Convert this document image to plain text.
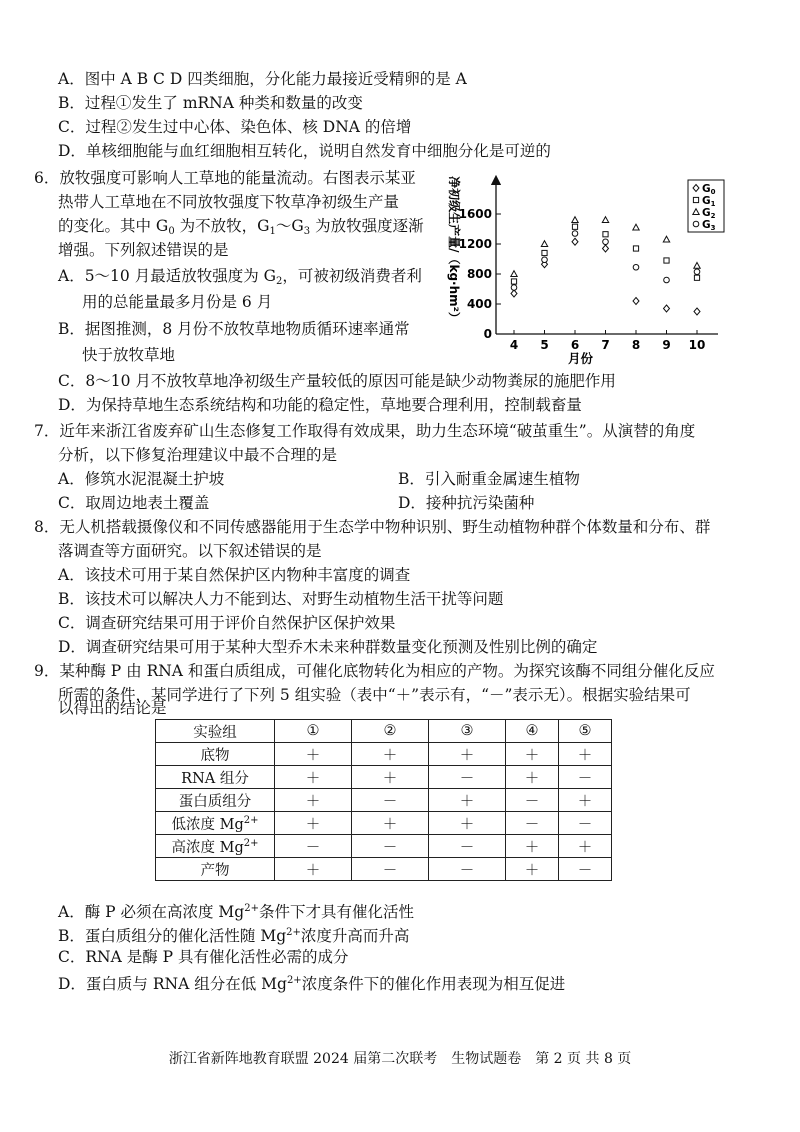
A．图中 A B C D 四类细胞，分化能力最接近受精卵的是 A
B．过程①发生了 mRNA 种类和数量的改变
C．过程②发生过中心体、染色体、核 DNA 的倍增
D．单核细胞能与血红细胞相互转化，说明自然发育中细胞分化是可逆的
6．放牧强度可影响人工草地的能量流动。右图表示某亚
热带人工草地在不同放牧强度下牧草净初级生产量
的变化。其中 $G_0$ 为不放牧，$G_1\sim G_3$ 为放牧强度逐渐
增强。下列叙述错误的是
A．5～10 月最适放牧强度为 $G_2$，可被初级消费者利
用的总能量最多月份是 6 月
B．据图推测，8 月份不放牧草地物质循环速率通常
快于放牧草地
C．8～10 月不放牧草地净初级生产量较低的原因可能是缺少动物粪尿的施肥作用
D．为保持草地生态系统结构和功能的稳定性，草地要合理利用，控制载畜量
0
400
800
1200
1600
4 5 6 7 8 9 10
净初级生产量/（kg·hm²）
月份
G0
G1
G2
G3
7．近年来浙江省废弃矿山生态修复工作取得有效成果，助力生态环境“破茧重生”。从演替的角度
分析，以下修复治理建议中最不合理的是
A．修筑水泥混凝土护坡	B．引入耐重金属速生植物
C．取周边地表土覆盖	D．接种抗污染菌种
8．无人机搭载摄像仪和不同传感器能用于生态学中物种识别、野生动植物种群个体数量和分布、群
落调查等方面研究。以下叙述错误的是
A．该技术可用于某自然保护区内物种丰富度的调查
B．该技术可以解决人力不能到达、对野生动植物生活干扰等问题
C．调查研究结果可用于评价自然保护区保护效果
D．调查研究结果可用于某种大型乔木未来种群数量变化预测及性别比例的确定
9．某种酶 P 由 RNA 和蛋白质组成，可催化底物转化为相应的产物。为探究该酶不同组分催化反应
所需的条件，某同学进行了下列 5 组实验（表中“＋”表示有，“－”表示无）。根据实验结果可
以得出的结论是
实验组	①	②	③	④	⑤
底物	＋	＋	＋	＋	＋
RNA 组分	＋	＋	－	＋	－
蛋白质组分	＋	－	＋	－	＋
低浓度 $Mg^{2+}$	＋	＋	＋	－	－
高浓度 $Mg^{2+}$	－	－	－	＋	＋
产物	＋	－	－	＋	－
A．酶 P 必须在高浓度 $Mg^{2+}$条件下才具有催化活性
B．蛋白质组分的催化活性随 $Mg^{2+}$浓度升高而升高
C．RNA 是酶 P 具有催化活性必需的成分
D．蛋白质与 RNA 组分在低 $Mg^{2+}$浓度条件下的催化作用表现为相互促进
浙江省新阵地教育联盟 2024 届第二次联考　生物试题卷　第 2 页 共 8 页
